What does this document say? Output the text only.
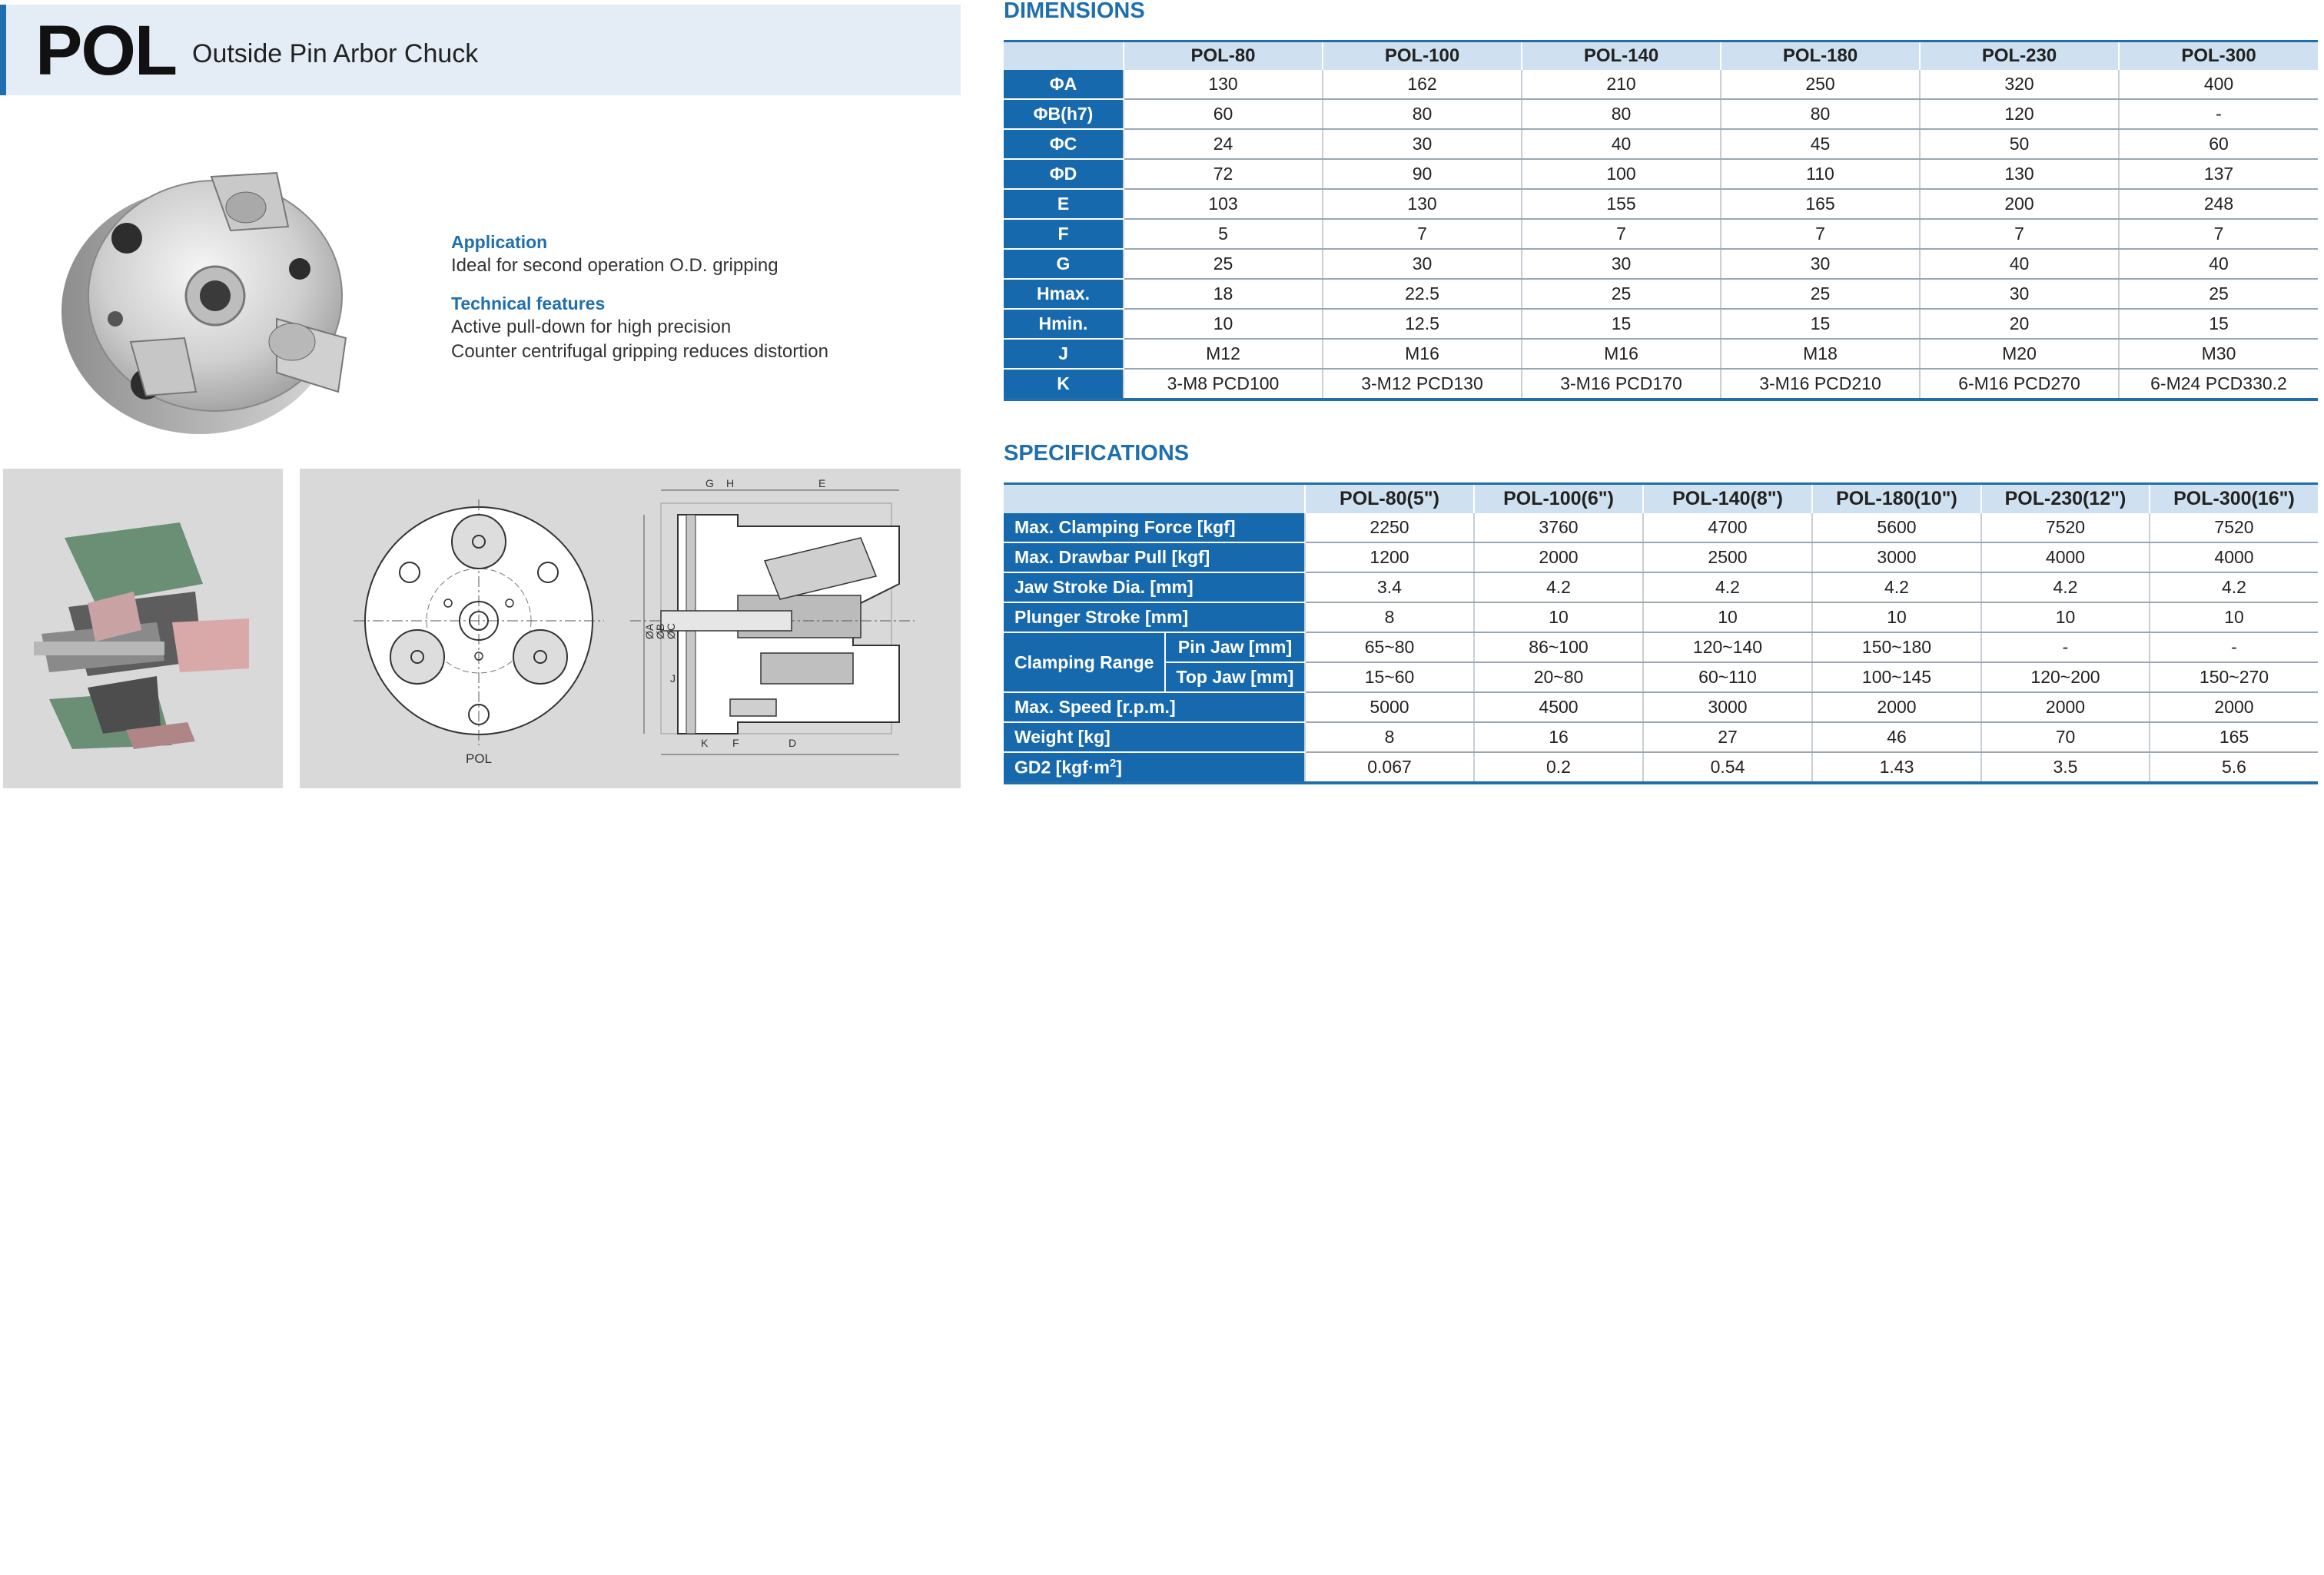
POL Outside Pin Arbor Chuck
Application
Ideal for second operation O.D. gripping
Technical features
Active pull-down for high precision
Counter centrifugal gripping reduces distortion
POL
G H	E
ØA
ØB
ØC
J
K F	D
DIMENSIONS
	POL-80	POL-100	POL-140	POL-180	POL-230	POL-300
ΦA	130	162	210	250	320	400
ΦB(h7)	60	80	80	80	120	-
ΦC	24	30	40	45	50	60
ΦD	72	90	100	110	130	137
E	103	130	155	165	200	248
F	5	7	7	7	7	7
G	25	30	30	30	40	40
Hmax.	18	22.5	25	25	30	25
Hmin.	10	12.5	15	15	20	15
J	M12	M16	M16	M18	M20	M30
K	3-M8 PCD100	3-M12 PCD130	3-M16 PCD170	3-M16 PCD210	6-M16 PCD270	6-M24 PCD330.2
SPECIFICATIONS
		POL-80(5")	POL-100(6")	POL-140(8")	POL-180(10")	POL-230(12")	POL-300(16")
Max. Clamping Force [kgf]		2250	3760	4700	5600	7520	7520
Max. Drawbar Pull [kgf]		1200	2000	2500	3000	4000	4000
Jaw Stroke Dia. [mm]		3.4	4.2	4.2	4.2	4.2	4.2
Plunger Stroke [mm]		8	10	10	10	10	10
Clamping Range	Pin Jaw [mm]	65~80	86~100	120~140	150~180	-	-
	Top Jaw [mm]	15~60	20~80	60~110	100~145	120~200	150~270
Max. Speed [r.p.m.]		5000	4500	3000	2000	2000	2000
Weight [kg]		8	16	27	46	70	165
GD2 $[kgf\cdot m^2]$		0.067	0.2	0.54	1.43	3.5	5.6
